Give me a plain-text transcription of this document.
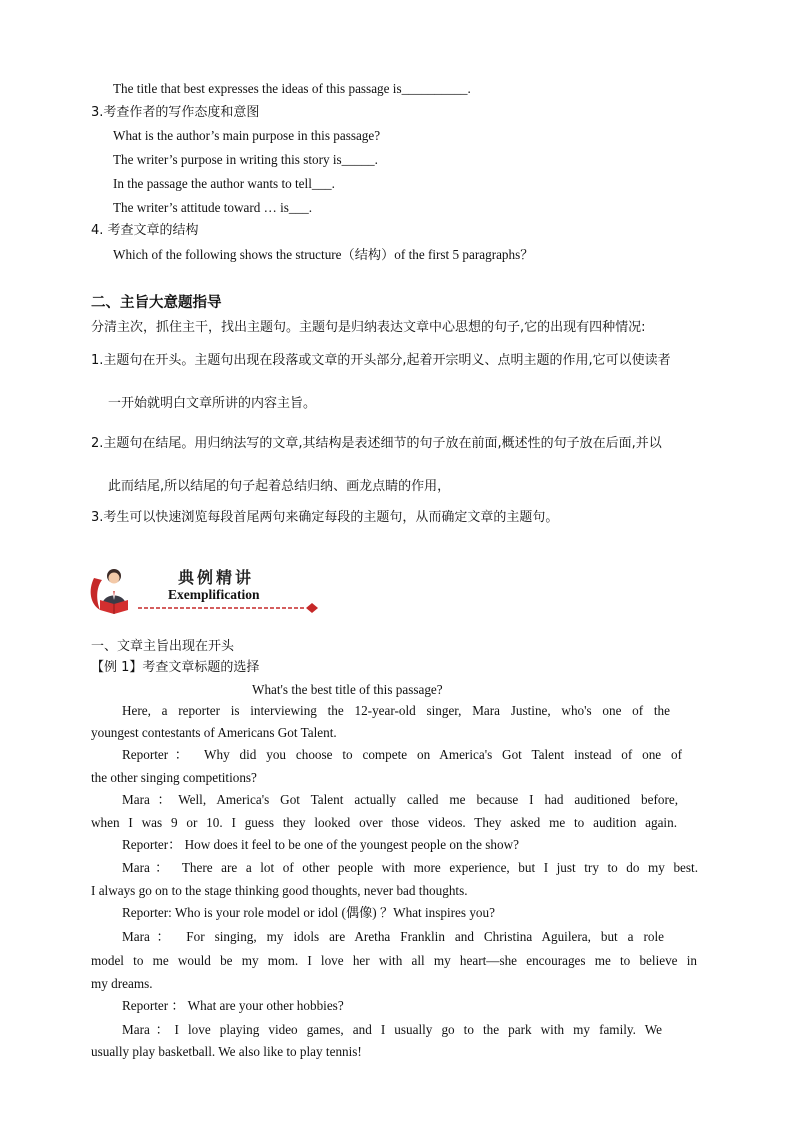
The title that best expresses the ideas of this passage is__________.
3.考查作者的写作态度和意图
What is the author’s main purpose in this passage?
The writer’s purpose in writing this story is_____.
In the passage the author wants to tell___.
The writer’s attitude toward … is___.
4. 考查文章的结构
Which of the following shows the structure（结构）of the first 5 paragraphs？
二、主旨大意题指导
分清主次，抓住主干，找出主题句。主题句是归纳表达文章中心思想的句子,它的出现有四种情况:
1.主题句在开头。主题句出现在段落或文章的开头部分,起着开宗明义、点明主题的作用,它可以使读者
一开始就明白文章所讲的内容主旨。
2.主题句在结尾。用归纳法写的文章,其结构是表述细节的句子放在前面,概述性的句子放在后面,并以
此而结尾,所以结尾的句子起着总结归纳、画龙点睛的作用，
3.考生可以快速浏览每段首尾两句来确定每段的主题句，从而确定文章的主题句。
典例精讲
Exemplification
一、文章主旨出现在开头
【例 1】考查文章标题的选择
What's the best title of this passage?
Here, a reporter is interviewing the 12-year-old singer, Mara Justine, who's one of the
youngest contestants of Americans Got Talent.
Reporter： Why did you choose to compete on America's Got Talent instead of one of
the other singing competitions?
Mara：Well, America's Got Talent actually called me because I had auditioned before,
when I was 9 or 10. I guess they looked over those videos. They asked me to audition again.
Reporter： How does it feel to be one of the youngest people on the show?
Mara： There are a lot of other people with more experience, but I just try to do my best.
I always go on to the stage thinking good thoughts, never bad thoughts.
Reporter: Who is your role model or idol (偶像) ？What inspires you?
Mara： For singing, my idols are Aretha Franklin and Christina Aguilera, but a role
model to me would be my mom. I love her with all my heart—she encourages me to believe in
my dreams.
Reporter ： What are your other hobbies?
Mara：I love playing video games, and I usually go to the park with my family. We
usually play basketball. We also like to play tennis!
